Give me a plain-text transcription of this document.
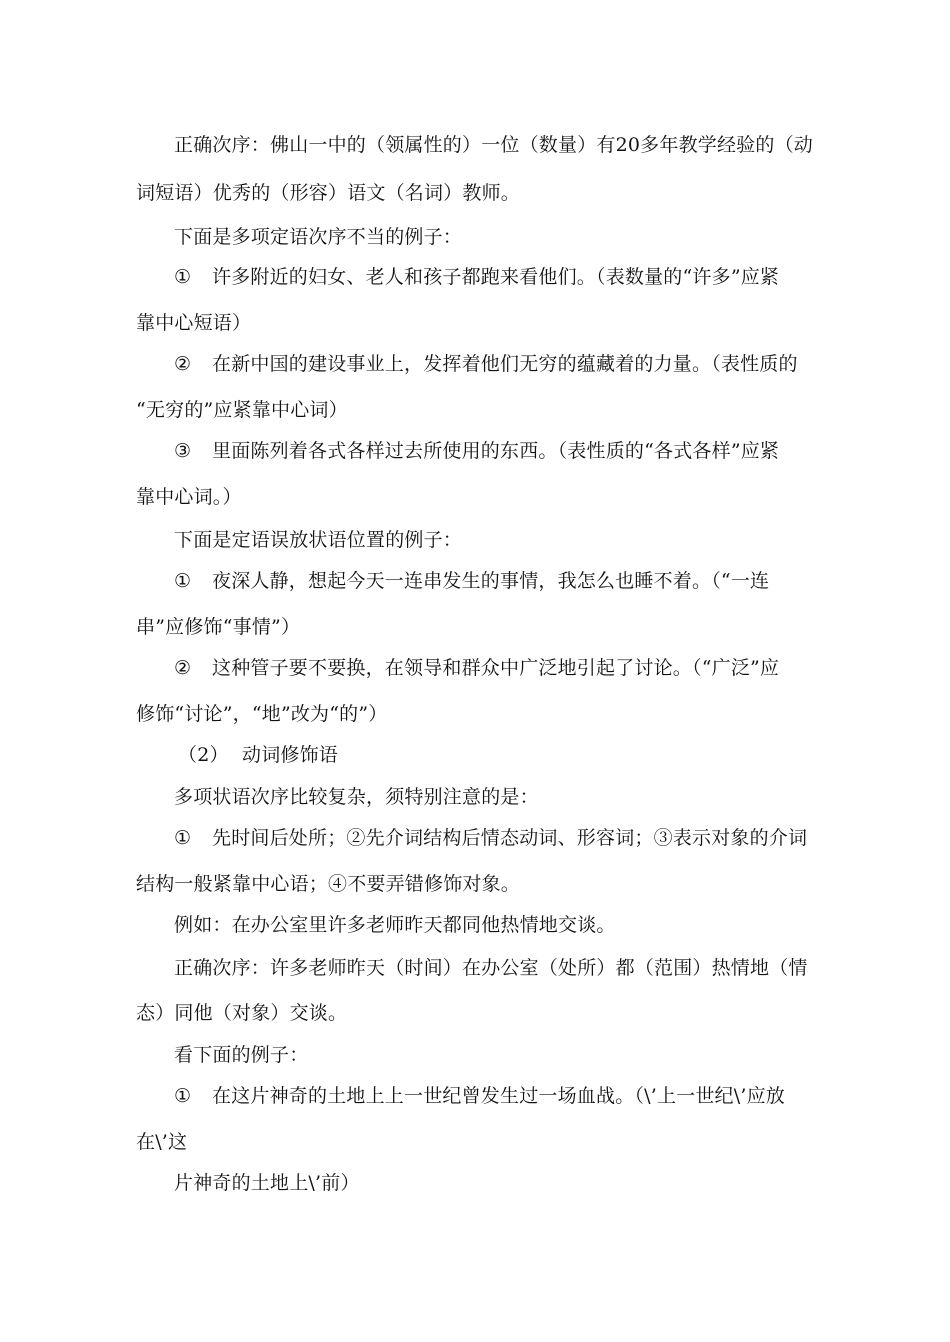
正确次序：佛山一中的（领属性的）一位（数量）有20多年教学经验的（动
词短语）优秀的（形容）语文（名词）教师。
下面是多项定语次序不当的例子：
① 许多附近的妇女、老人和孩子都跑来看他们。（表数量的“许多”应紧
靠中心短语）
② 在新中国的建设事业上，发挥着他们无穷的蕴藏着的力量。（表性质的
“无穷的”应紧靠中心词）
③ 里面陈列着各式各样过去所使用的东西。（表性质的“各式各样”应紧
靠中心词。）
下面是定语误放状语位置的例子：
① 夜深人静，想起今天一连串发生的事情，我怎么也睡不着。（“一连
串”应修饰“事情”）
② 这种管子要不要换，在领导和群众中广泛地引起了讨论。（“广泛”应
修饰“讨论”，“地”改为“的”）
（2） 动词修饰语
多项状语次序比较复杂，须特别注意的是：
① 先时间后处所；②先介词结构后情态动词、形容词；③表示对象的介词
结构一般紧靠中心语；④不要弄错修饰对象。
例如：在办公室里许多老师昨天都同他热情地交谈。
正确次序：许多老师昨天（时间）在办公室（处所）都（范围）热情地（情
态）同他（对象）交谈。
看下面的例子：
① 在这片神奇的土地上上一世纪曾发生过一场血战。（\’上一世纪\’应放
在\’这
片神奇的土地上\’前）
